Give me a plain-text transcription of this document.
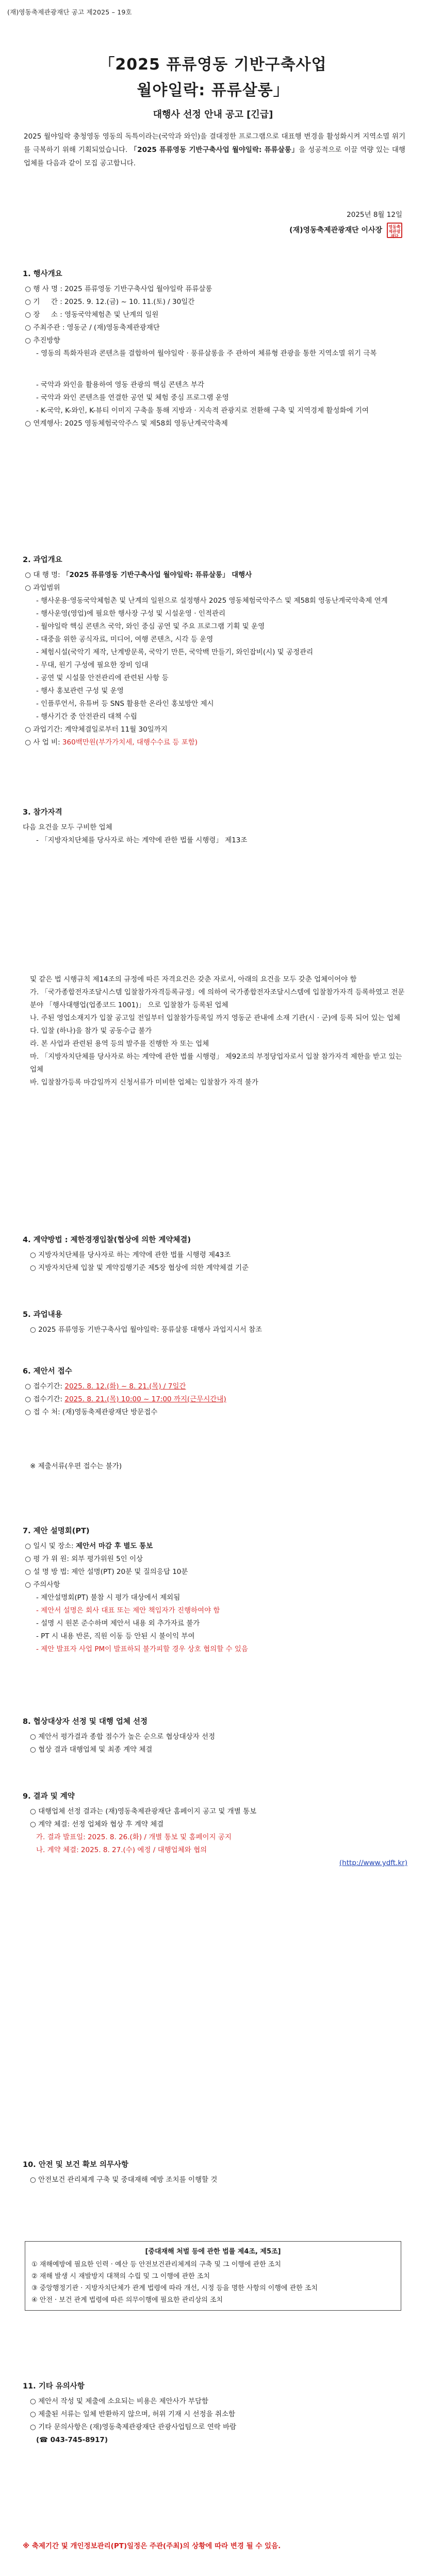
(재)영동축제관광재단 공고 제2025 – 19호
「2025 퓨류영동 기반구축사업
월야일락: 퓨류살롱」
대행사 선정 안내 공고 [긴급]
2025 월야일락 충청영동 영동의 독특이라는(국악과 와인)을 결대정한 프로그램으로 대표행 변경을 활성화시켜 지역소멸 위기를 극복하기 위해 기획되었습니다. 「2025 퓨류영동 기반구축사업 월야일락: 퓨류살롱」을 성공적으로 이끌 역량 있는 대행업체를 다음과 같이 모집 공고합니다.
2025년 8월 12일
(재)영동축제관광재단 이사장 영동축제관광재단
1. 행사개요
○ 행 사 명 : 2025 퓨류영동 기반구축사업 월야일락 퓨류살롱
○ 기     간 : 2025. 9. 12.(금) ~ 10. 11.(토) / 30일간
○ 장     소 : 영동국악체험촌 및 난계의 일원
○ 주최주관 : 영동군 / (재)영동축제관광재단
○ 추진방향
- 영동의 특화자원과 콘텐츠를 결합하여 월야일락 · 풍류살롱을 주 관하여 체류형 관광을 통한 지역소멸 위기 극복
- 국악과 와인을 활용하여 영동 관광의 핵심 콘텐츠 부각
- 국악과 와인 콘텐츠를 연결한 공연 및 체험 중심 프로그램 운영
- K-국악, K-와인, K-뷰티 이미지 구축을 통해 지방과 · 지속적 관광지로 전환해 구축 및 지역경제 활성화에 기여
○ 연계행사: 2025 영동체험국악주스 및 제58회 영동난계국악축제
2. 과업개요
○ 대 행 명: 「2025 퓨류영동 기반구축사업 월야일락: 퓨류살롱」 대행사
○ 과업범위
- 행사운용·영동국악체험촌 및 난계의 일원으로 설정행사 2025 영동체험국악주스 및 제58회 영동난계국악축제 연계
- 행사운영(영업)에 필요한 행사장 구성 및 시설운영 · 인적관리
- 월야일락 핵심 콘텐츠 국악, 와인 중심 공연 및 주요 프로그램 기획 및 운영
- 대중을 위한 공식자료, 미디어, 여행 콘텐츠, 시각 등 운영
- 체험시설(국악기 제작, 난계방문록, 국악기 만튼, 국악백 만들기, 와인잡비(시) 및 공정관리
- 무대, 원기 구성에 필요한 장비 임대
- 공연 및 시설물 안전관리에 관련된 사항 등
- 행사 홍보관련 구성 및 운영
- 인플루언서, 유튜버 등 SNS 활용한 온라인 홍보방안 제시
- 행사기간 중 안전관리 대책 수립
○ 과업기간: 계약체결일로부터 11월 30일까지
○ 사 업 비: 360백만원(부가가치세, 대행수수료 등 포함)
3. 참가자격
다음 요건을 모두 구비한 업체
- 「지방자치단체를 당사자로 하는 계약에 관한 법률 시행령」 제13조
및 같은 법 시행규칙 제14조의 규정에 따른 자격요건은 갖춘 자로서, 아래의 요건을 모두 갖춘 업체이어야 함
가. 「국가종합전자조달시스템 입찰참가자격등록규정」에 의하여 국가종합전자조달시스템에 입찰참가자격 등록하였고 전문분야 「행사대행업(업종코드 1001)」 으로 입찰참가 등록된 업체
나. 주된 영업소재지가 입찰 공고일 전일부터 입찰참가등록일 까지 영동군 관내에 소재 기관(시 · 군)에 등록 되어 있는 업체
다. 입찰 (하나)을 참가 및 공동수급 불가
라. 본 사업과 관련된 용역 등의 발주를 진행한 자 또는 업체
마. 「지방자치단체를 당사자로 하는 계약에 관한 법률 시행령」 제92조의 부정당업자로서 입찰 참가자격 제한을 받고 있는 업체
바. 입찰참가등록 마감일까지 신청서류가 미비한 업체는 입찰참가 자격 불가
4. 계약방법 : 제한경쟁입찰(협상에 의한 계약체결)
○ 지방자치단체를 당사자로 하는 계약에 관한 법률 시행령 제43조
○ 지방자치단체 입찰 및 계약집행기준 제5장 협상에 의한 계약체결 기준
5. 과업내용
○ 2025 퓨류영동 기반구축사업 월야일락: 풍류살롱 대행사 과업지시서 참조
6. 제안서 접수
○ 접수기간: 2025. 8. 12.(화) ~ 8. 21.(목) / 7일간
○ 접수기간: 2025. 8. 21.(목) 10:00 ~ 17:00 까지(근무시간내)
○ 접 수 처: (재)영동축제관광재단 방문접수
※ 제출서류(우편 접수는 불가)
7. 제안 설명회(PT)
○ 일시 및 장소: 제안서 마감 후 별도 통보
○ 평 가 위 원: 외부 평가위원 5인 이상
○ 설 명 방 법: 제안 설명(PT) 20분 및 질의응답 10분
○ 주의사항
- 제안설명회(PT) 불참 시 평가 대상에서 제외됨
- 제안서 설명은 회사 대표 또는 제안 책임자가 진행하여야 함
- 설명 시 원본 준수하며 제안서 내용 외 추가자료 불가
- PT 시 내용 반론, 직원 이동 등 안된 시 불이익 부여
- 제안 발표자 사업 PM이 발표하되 불가피할 경우 상호 협의할 수 있음
8. 협상대상자 선정 및 대행 업체 선정
○ 제안서 평가결과 종합 점수가 높은 순으로 협상대상자 선정
○ 협상 결과 대행업체 및 최종 계약 체결
9. 결과 및 계약
○ 대행업체 선정 결과는 (재)영동축제관광재단 홈페이지 공고 및 개별 통보
○ 계약 체결: 선정 업체와 협상 후 계약 체결
가. 결과 발표일: 2025. 8. 26.(화) / 개별 통보 및 홈페이지 공지
나. 계약 체결: 2025. 8. 27.(수) 예정 / 대행업체와 협의
(http://www.ydft.kr)
10. 안전 및 보건 확보 의무사항
○ 안전보건 관리체계 구축 및 중대재해 예방 조치를 이행할 것
[중대재해 처벌 등에 관한 법률 제4조, 제5조]
① 재해예방에 필요한 인력 · 예산 등 안전보건관리체계의 구축 및 그 이행에 관한 조치
② 재해 발생 시 재발방지 대책의 수립 및 그 이행에 관한 조치
③ 중앙행정기관 · 지방자치단체가 관계 법령에 따라 개선, 시정 등을 명한 사항의 이행에 관한 조치
④ 안전 · 보건 관계 법령에 따른 의무이행에 필요한 관리상의 조치
11. 기타 유의사항
○ 제안서 작성 및 제출에 소요되는 비용은 제안사가 부담함
○ 제출된 서류는 일체 반환하지 않으며, 허위 기재 시 선정을 취소함
○ 기타 문의사항은 (재)영동축제관광재단 관광사업팀으로 연락 바람
(☎ 043-745-8917)
※ 축제기간 및 개인정보관리(PT)일정은 주관(주최)의 상황에 따라 변경 될 수 있음.
